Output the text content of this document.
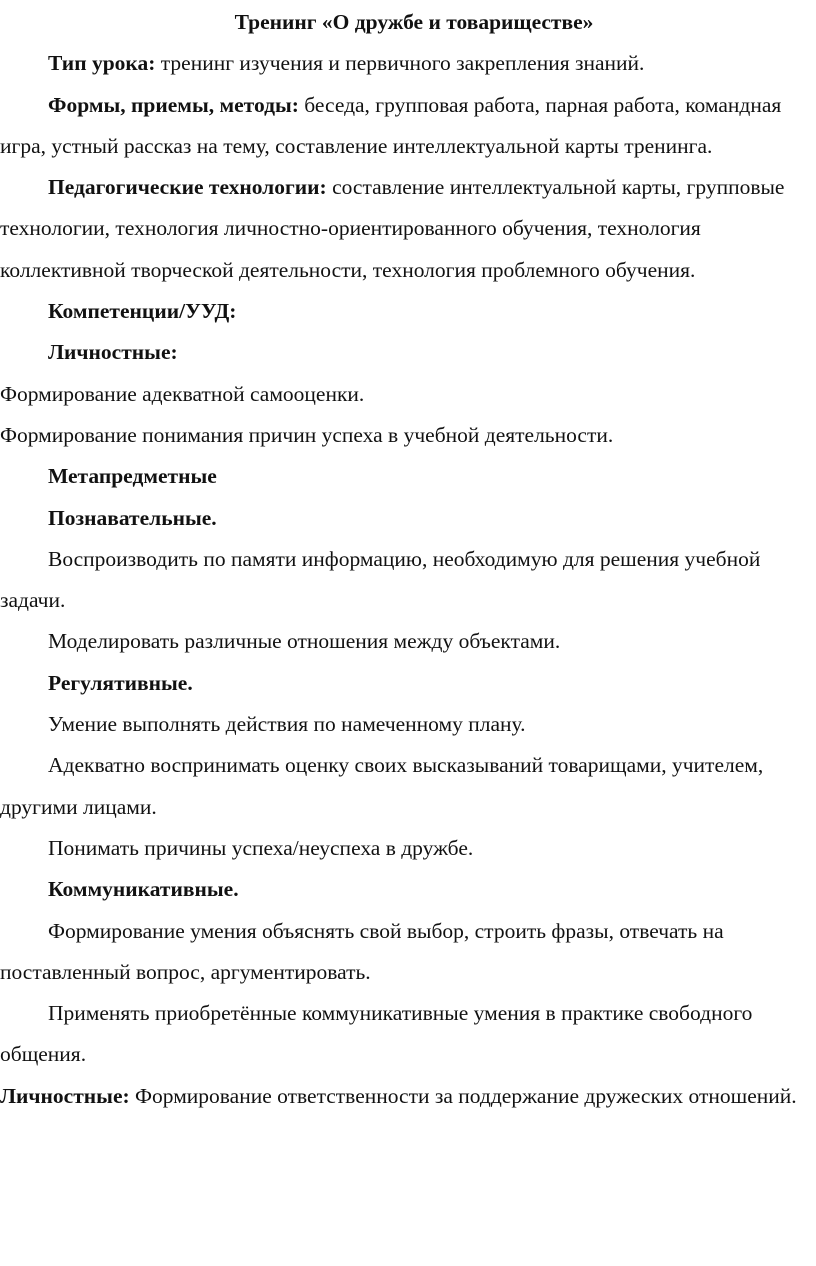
Тренинг «О дружбе и товариществе»

Тип урока: тренинг изучения и первичного закрепления знаний.

Формы, приемы, методы: беседа, групповая работа, парная работа, командная игра, устный рассказ на тему, составление интеллектуальной карты тренинга.

Педагогические технологии: составление интеллектуальной карты, групповые технологии, технология личностно-ориентированного обучения, технология коллективной творческой деятельности, технология проблемного обучения.

Компетенции/УУД:

Личностные:

Формирование адекватной самооценки.

Формирование понимания причин успеха в учебной деятельности.

Метапредметные

Познавательные.

Воспроизводить по памяти информацию, необходимую для решения учебной задачи.

Моделировать различные отношения между объектами.

Регулятивные.

Умение выполнять действия по намеченному плану.

Адекватно воспринимать оценку своих высказываний товарищами, учителем, другими лицами.

Понимать причины успеха/неуспеха в дружбе.

Коммуникативные.

Формирование умения объяснять свой выбор, строить фразы, отвечать на поставленный вопрос, аргументировать.

Применять приобретённые коммуникативные умения в практике свободного общения.

Личностные: Формирование ответственности за поддержание дружеских отношений.
